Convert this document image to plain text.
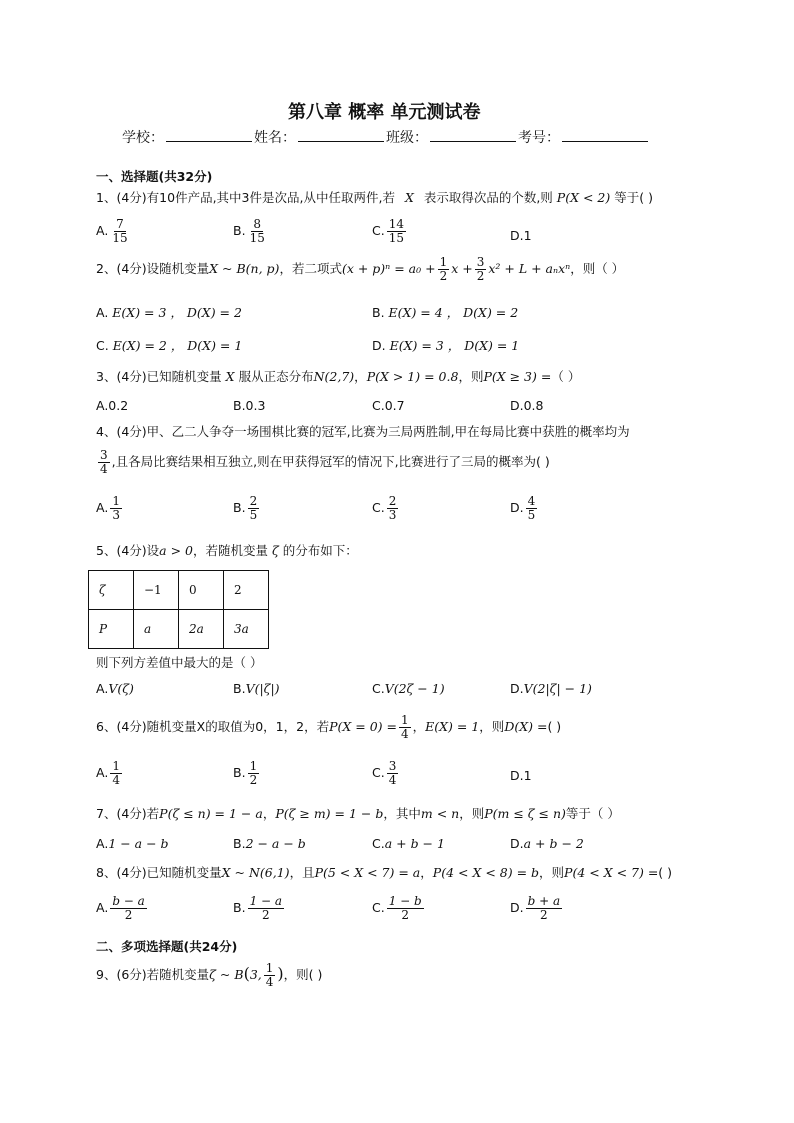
第八章 概率 单元测试卷
学校：	姓名：	班级：	考号：
一、选择题(共32分)
1、(4分)有10件产品,其中3件是次品,从中任取两件,若 X 表示取得次品的个数,则 P(X < 2) 等于( )
A. $\frac{7}{15}$	B. $\frac{8}{15}$	C. $\frac{14}{15}$	D.1
2、(4分)设随机变量X ~ B(n, p)，若二项式$(x + p)^n = a_0 + \frac{1}{2}$ $x + \frac{3}{2} x^2 + L + a_nx^n$，则（ ）
A. E(X) = 3 ， D(X) = 2	B. E(X) = 4 ， D(X) = 2
C. E(X) = 2 ， D(X) = 1	D. E(X) = 3 ， D(X) = 1
3、(4分)已知随机变量 X 服从正态分布N(2,7)，P(X > 1) = 0.8，则P(X ≥ 3) =（ ）
A.0.2	B.0.3	C.0.7	D.0.8
4、(4分)甲、乙二人争夺一场围棋比赛的冠军,比赛为三局两胜制,甲在每局比赛中获胜的概率均为
$\frac{3}{4}$ ,且各局比赛结果相互独立,则在甲获得冠军的情况下,比赛进行了三局的概率为( )
A. $\frac{1}{3}$	B. $\frac{2}{5}$	C. $\frac{2}{3}$	D. $\frac{4}{5}$
5、(4分)设a > 0，若随机变量 ζ 的分布如下：
ζ	−1	0	2
P	a	2a	3a
则下列方差值中最大的是（ ）
A.V(ζ)	B.V(|ζ|)	C.V(2ζ − 1)	D.V(2|ζ| − 1)
6、(4分)随机变量X的取值为0，1，2，若$P(X = 0) = \frac{1}{4}$ ，E(X) = 1，则D(X) =( )
A. $\frac{1}{4}$	B. $\frac{1}{2}$	C. $\frac{3}{4}$	D.1
7、(4分)若P(ζ ≤ n) = 1 − a，P(ζ ≥ m) = 1 − b，其中m < n，则P(m ≤ ζ ≤ n)等于（ ）
A.1 − a − b	B.2 − a − b	C.a + b − 1	D.a + b − 2
8、(4分)已知随机变量X ~ N(6,1)，且P(5 < X < 7) = a，P(4 < X < 8) = b，则P(4 < X < 7) =( )
A. $\frac{b - a}{2}$	B. $\frac{1 - a}{2}$	C. $\frac{1 - b}{2}$	D. $\frac{b + a}{2}$
二、多项选择题(共24分)
9、(6分)若随机变量ζ ~ B(3, $\frac{1}{4}$ )，则( )
